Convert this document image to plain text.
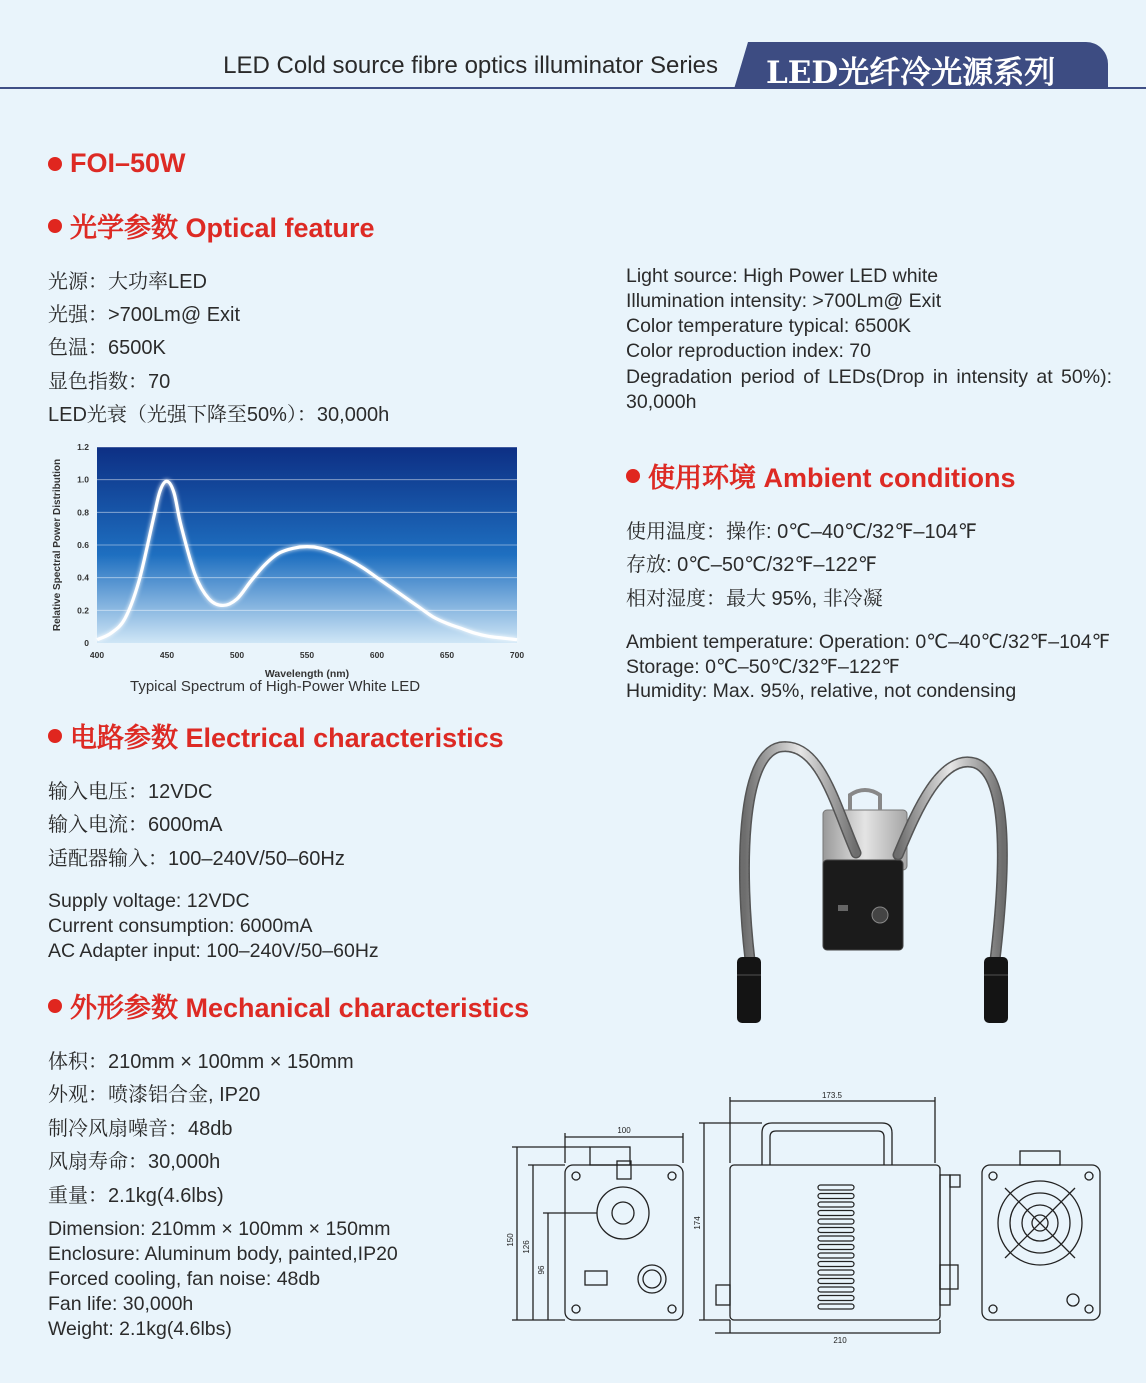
LED Cold source fibre optics illuminator Series LED光纤冷光源系列
FOI–50W
光学参数 Optical feature
光源：大功率LED
光强：>700Lm@ Exit
色温：6500K
显色指数：70
LED光衰（光强下降至50%）：30,000h
Light source: High Power LED white
Illumination intensity: >700Lm@ Exit
Color temperature typical: 6500K
Color reproduction index: 70
Degradation period of LEDs(Drop in intensity at 50%): 30,000h
0
0.2
0.4
0.6
0.8
1.0
1.2
400	450	500	550	600	650	700
Wavelength (nm)
Relative Spectral Power Distribution
Typical Spectrum of High-Power White LED
使用环境 Ambient conditions
使用温度：操作: 0℃–40℃/32℉–104℉
存放: 0℃–50℃/32℉–122℉
相对湿度：最大 95%, 非冷凝
Ambient temperature: Operation: 0℃–40℃/32℉–104℉
Storage: 0℃–50℃/32℉–122℉
Humidity: Max. 95%, relative, not condensing
电路参数 Electrical characteristics
输入电压：12VDC
输入电流：6000mA
适配器输入：100–240V/50–60Hz
Supply voltage: 12VDC
Current consumption: 6000mA
AC Adapter input: 100–240V/50–60Hz
外形参数 Mechanical characteristics
体积：210mm × 100mm × 150mm
外观：喷漆铝合金, IP20
制冷风扇噪音：48db
风扇寿命：30,000h
重量：2.1kg(4.6lbs)
Dimension: 210mm × 100mm × 150mm
Enclosure: Aluminum body, painted,IP20
Forced cooling, fan noise: 48db
Fan life: 30,000h
Weight: 2.1kg(4.6lbs)
100
173.5
210
150
126
96
174
